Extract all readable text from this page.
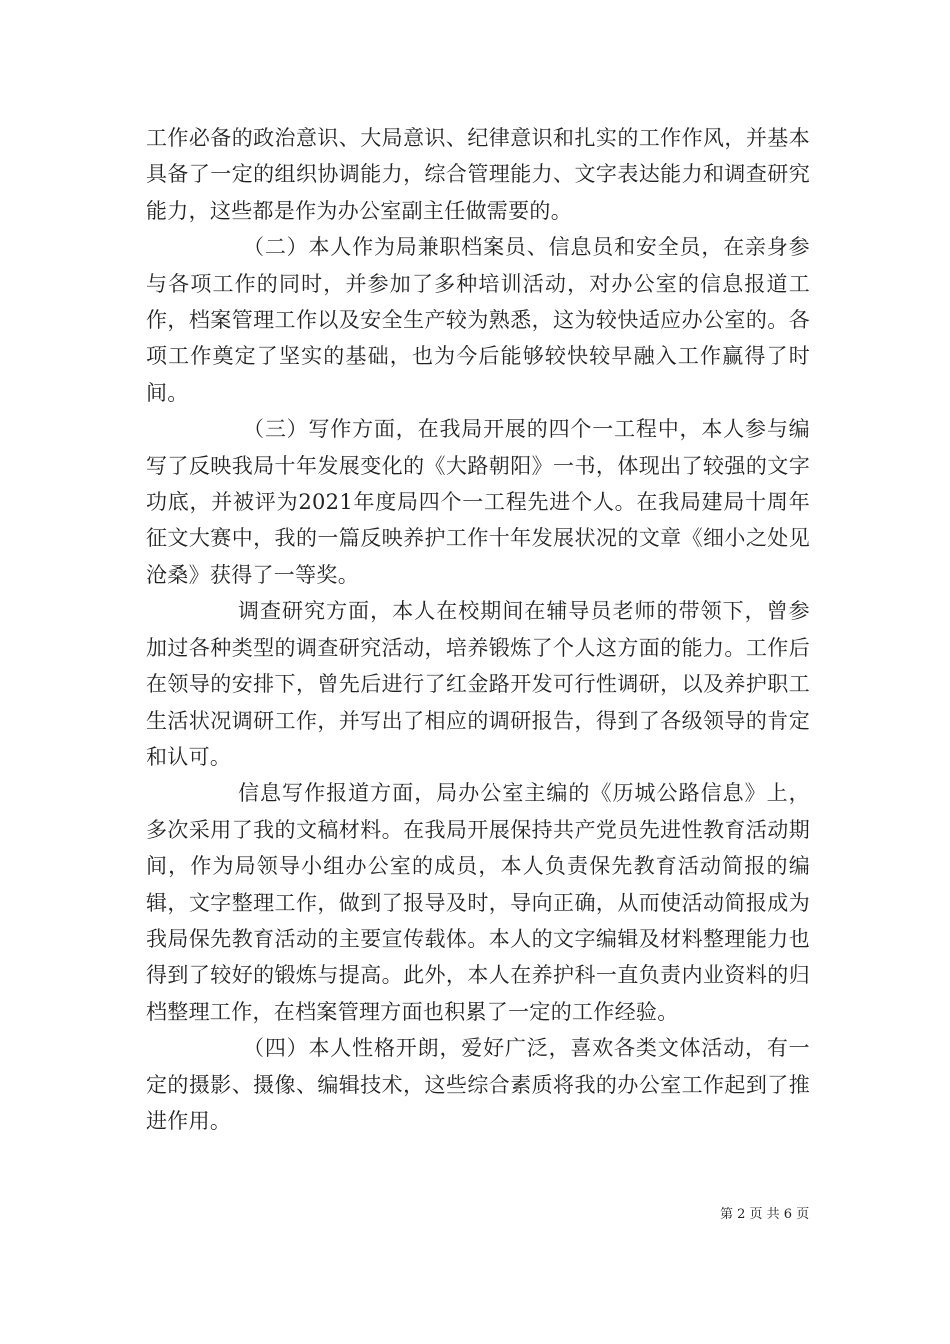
工作必备的政治意识、大局意识、纪律意识和扎实的工作作风，并基本具备了一定的组织协调能力，综合管理能力、文字表达能力和调查研究能力，这些都是作为办公室副主任做需要的。

（二）本人作为局兼职档案员、信息员和安全员，在亲身参与各项工作的同时，并参加了多种培训活动，对办公室的信息报道工作，档案管理工作以及安全生产较为熟悉，这为较快适应办公室的。各项工作奠定了坚实的基础，也为今后能够较快较早融入工作赢得了时间。

（三）写作方面，在我局开展的四个一工程中，本人参与编写了反映我局十年发展变化的《大路朝阳》一书，体现出了较强的文字功底，并被评为2021年度局四个一工程先进个人。在我局建局十周年征文大赛中，我的一篇反映养护工作十年发展状况的文章《细小之处见沧桑》获得了一等奖。

调查研究方面，本人在校期间在辅导员老师的带领下，曾参加过各种类型的调查研究活动，培养锻炼了个人这方面的能力。工作后在领导的安排下，曾先后进行了红金路开发可行性调研，以及养护职工生活状况调研工作，并写出了相应的调研报告，得到了各级领导的肯定和认可。

信息写作报道方面，局办公室主编的《历城公路信息》上，多次采用了我的文稿材料。在我局开展保持共产党员先进性教育活动期间，作为局领导小组办公室的成员，本人负责保先教育活动简报的编辑，文字整理工作，做到了报导及时，导向正确，从而使活动简报成为我局保先教育活动的主要宣传载体。本人的文字编辑及材料整理能力也得到了较好的锻炼与提高。此外，本人在养护科一直负责内业资料的归档整理工作，在档案管理方面也积累了一定的工作经验。

（四）本人性格开朗，爱好广泛，喜欢各类文体活动，有一定的摄影、摄像、编辑技术，这些综合素质将我的办公室工作起到了推进作用。

第 2 页 共 6 页
